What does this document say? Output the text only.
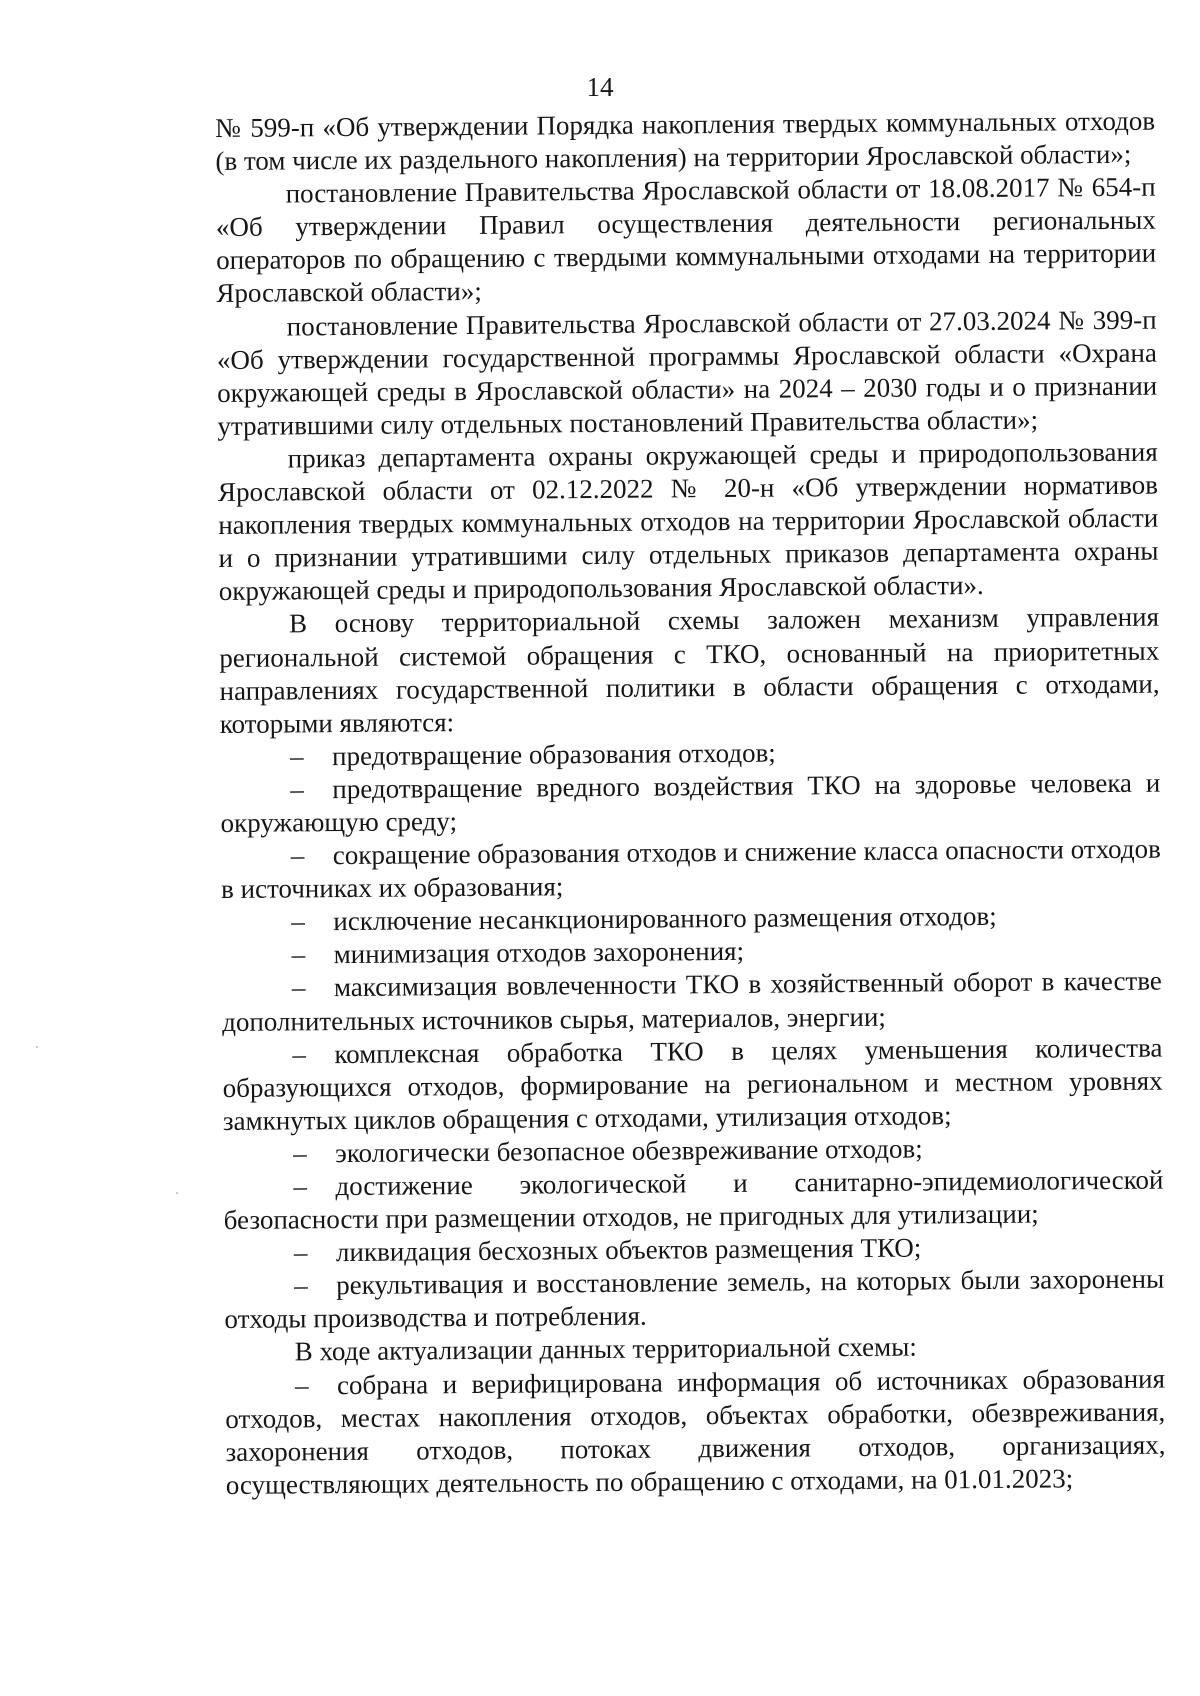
14

№ 599-п «Об утверждении Порядка накопления твердых коммунальных отходов (в том числе их раздельного накопления) на территории Ярославской области»;

постановление Правительства Ярославской области от 18.08.2017 № 654-п «Об утверждении Правил осуществления деятельности региональных операторов по обращению с твердыми коммунальными отходами на территории Ярославской области»;

постановление Правительства Ярославской области от 27.03.2024 № 399-п «Об утверждении государственной программы Ярославской области «Охрана окружающей среды в Ярославской области» на 2024 – 2030 годы и о признании утратившими силу отдельных постановлений Правительства области»;

приказ департамента охраны окружающей среды и природопользования Ярославской области от 02.12.2022 № 20-н «Об утверждении нормативов накопления твердых коммунальных отходов на территории Ярославской области и о признании утратившими силу отдельных приказов департамента охраны окружающей среды и природопользования Ярославской области».

В основу территориальной схемы заложен механизм управления региональной системой обращения с ТКО, основанный на приоритетных направлениях государственной политики в области обращения с отходами, которыми являются:

– предотвращение образования отходов;

– предотвращение вредного воздействия ТКО на здоровье человека и окружающую среду;

– сокращение образования отходов и снижение класса опасности отходов в источниках их образования;

– исключение несанкционированного размещения отходов;

– минимизация отходов захоронения;

– максимизация вовлеченности ТКО в хозяйственный оборот в качестве дополнительных источников сырья, материалов, энергии;

– комплексная обработка ТКО в целях уменьшения количества образующихся отходов, формирование на региональном и местном уровнях замкнутых циклов обращения с отходами, утилизация отходов;

– экологически безопасное обезвреживание отходов;

– достижение экологической и санитарно-эпидемиологической безопасности при размещении отходов, не пригодных для утилизации;

– ликвидация бесхозных объектов размещения ТКО;

– рекультивация и восстановление земель, на которых были захоронены отходы производства и потребления.

В ходе актуализации данных территориальной схемы:

– собрана и верифицирована информация об источниках образования отходов, местах накопления отходов, объектах обработки, обезвреживания, захоронения отходов, потоках движения отходов, организациях, осуществляющих деятельность по обращению с отходами, на 01.01.2023;
